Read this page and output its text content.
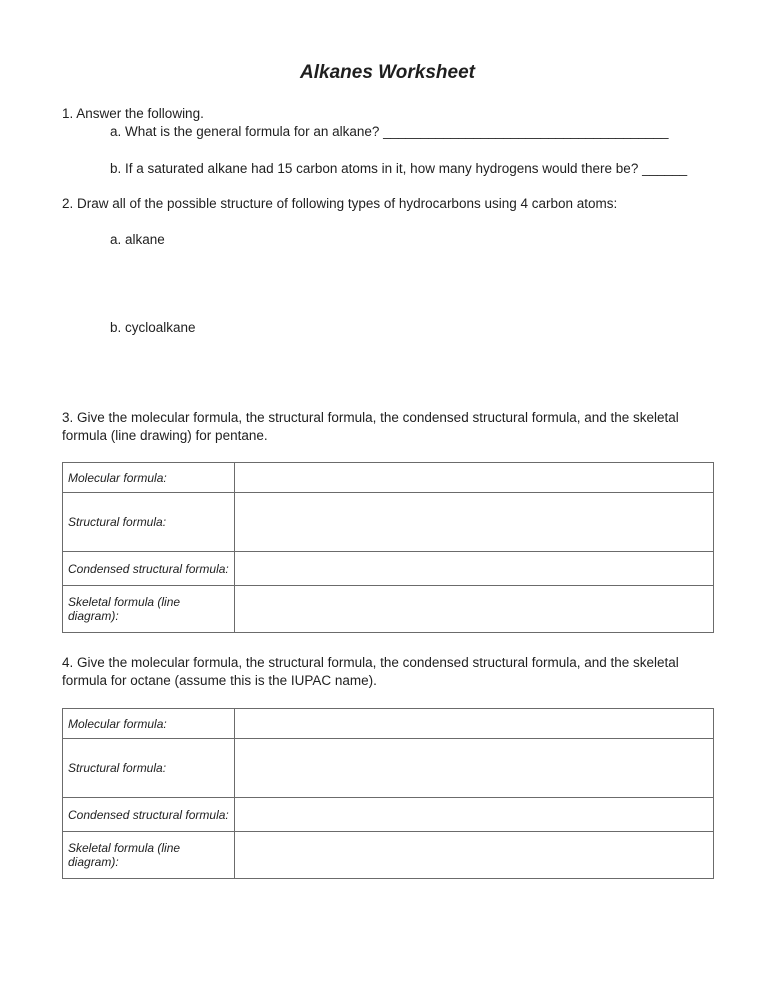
Alkanes Worksheet

1. Answer the following.

a. What is the general formula for an alkane? ______________________________________

b. If a saturated alkane had 15 carbon atoms in it, how many hydrogens would there be? ______

2. Draw all of the possible structure of following types of hydrocarbons using 4 carbon atoms:

a. alkane

b. cycloalkane

3. Give the molecular formula, the structural formula, the condensed structural formula, and the skeletal formula (line drawing) for pentane.

Molecular formula:	
Structural formula:	
Condensed structural formula:	
Skeletal formula (line diagram):	

4. Give the molecular formula, the structural formula, the condensed structural formula, and the skeletal formula for octane (assume this is the IUPAC name).

Molecular formula:	
Structural formula:	
Condensed structural formula:	
Skeletal formula (line diagram):	
